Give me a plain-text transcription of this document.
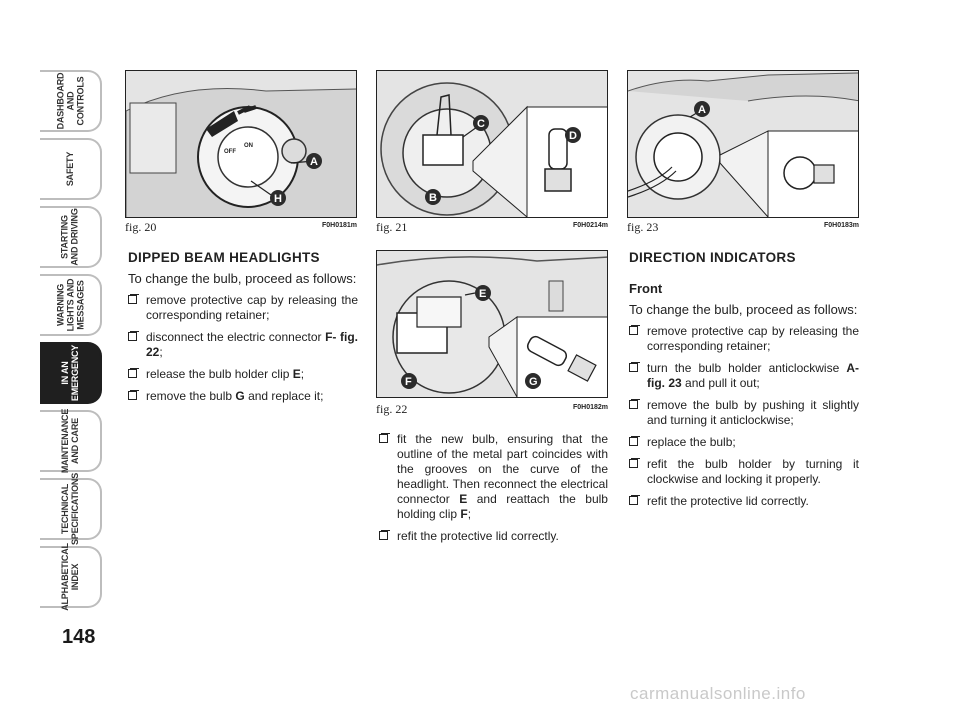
DASHBOARD
AND
CONTROLS
SAFETY
STARTING
AND DRIVING
WARNING
LIGHTS AND
MESSAGES
IN AN
EMERGENCY
MAINTENANCE
AND CARE
TECHNICAL
SPECIFICATIONS
ALPHABETICAL
INDEX
148
OFF
ON
A
H
fig. 20	F0H0181m
C
D
B
fig. 21	F0H0214m
A
fig. 23	F0H0183m
E
F	G
fig. 22	F0H0182m

DIPPED BEAM HEADLIGHTS

To change the bulb, proceed as follows:

remove protective cap by releasing the corresponding retainer;
disconnect the electric connector F- fig. 22;
release the bulb holder clip E;
remove the bulb G and replace it;
fit the new bulb, ensuring that the outline of the metal part coincides with the grooves on the curve of the headlight. Then reconnect the electrical connector E and reattach the bulb holding clip F;
refit the protective lid correctly.

DIRECTION INDICATORS

Front

To change the bulb, proceed as follows:

remove protective cap by releasing the corresponding retainer;
turn the bulb holder anticlockwise A- fig. 23 and pull it out;
remove the bulb by pushing it slightly and turning it anticlockwise;
replace the bulb;
refit the bulb holder by turning it clockwise and locking it properly.
refit the protective lid correctly.
carmanualsonline.info
